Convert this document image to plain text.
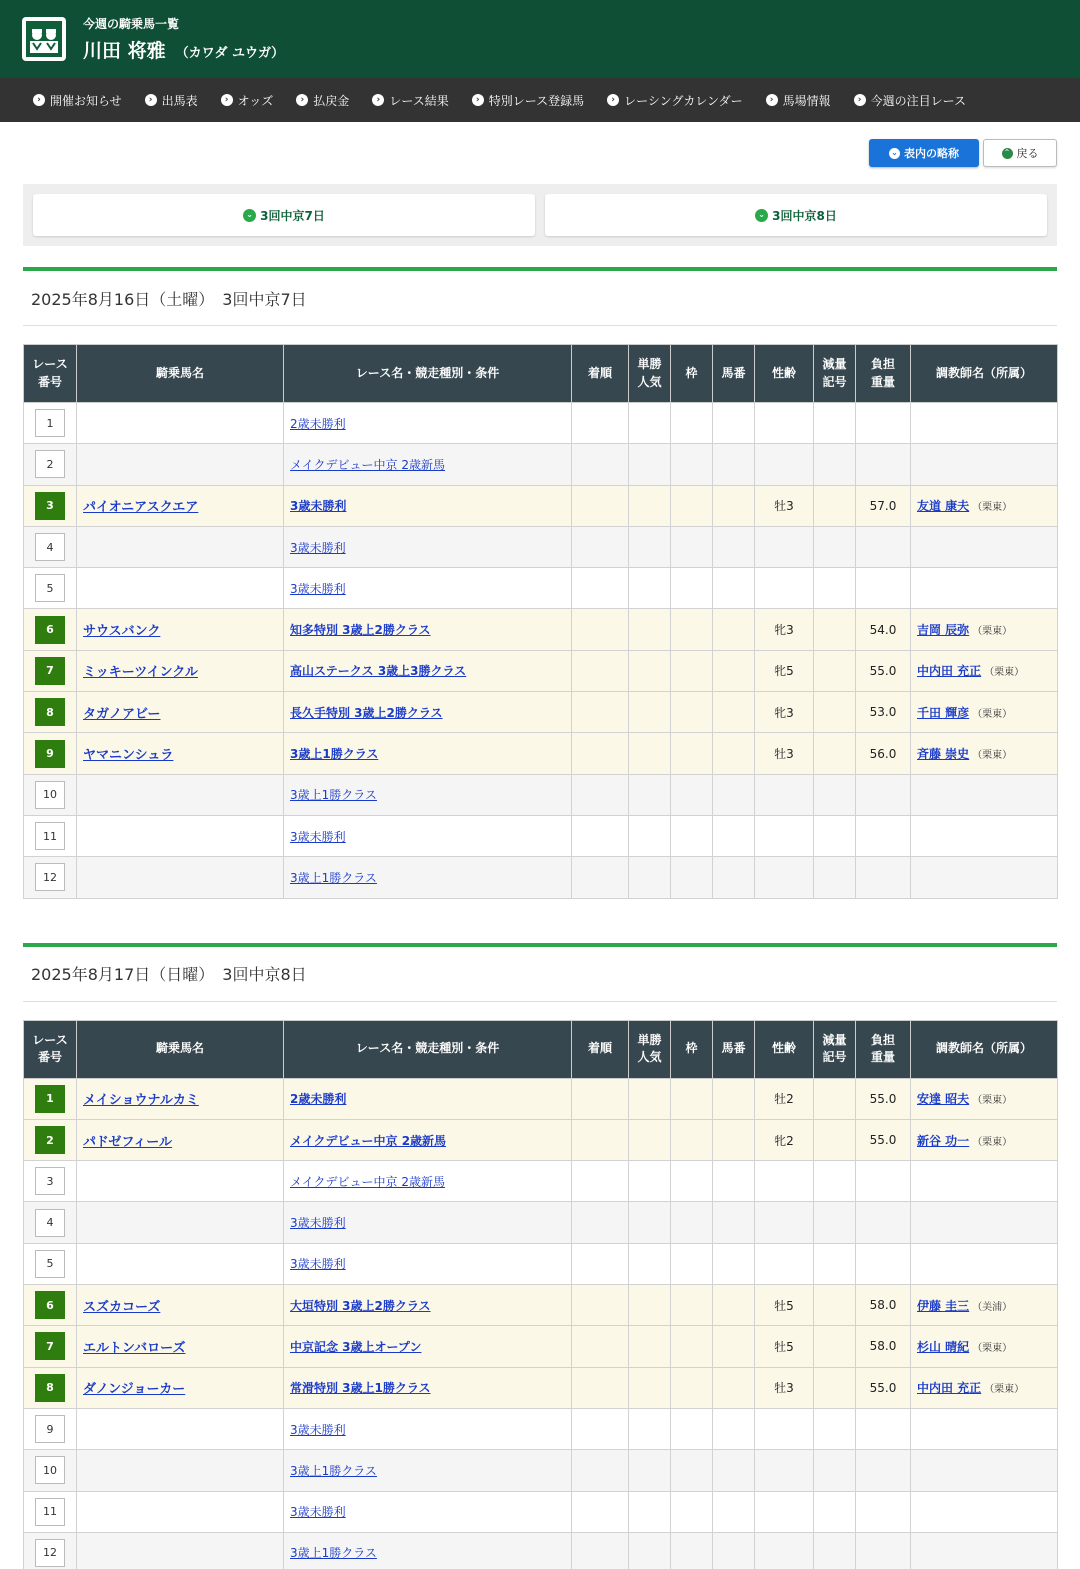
今週の騎乗馬一覧
川田 将雅 （カワダ ユウガ）
› 開催お知らせ	› 出馬表	› オッズ	› 払戻金	› レース結果	› 特別レース登録馬	› レーシングカレンダー	› 馬場情報	› 今週の注目レース
⌄ 表内の略称	⌃ 戻る
⌄ 3回中京7日	⌄ 3回中京8日
2025年8月16日（土曜）　3回中京7日
レース
番号	騎乗馬名	レース名・競走種別・条件	着順	単勝
人気	枠	馬番	性齢	減量
記号	負担
重量	調教師名（所属）
1		2歳未勝利								
2		メイクデビュー中京 2歳新馬								
3	パイオニアスクエア	3歳未勝利					牡3		57.0	友道 康夫 （栗東）
4		3歳未勝利								
5		3歳未勝利								
6	サウスバンク	知多特別 3歳上2勝クラス					牝3		54.0	吉岡 辰弥 （栗東）
7	ミッキーツインクル	高山ステークス 3歳上3勝クラス					牝5		55.0	中内田 充正 （栗東）
8	タガノアビー	長久手特別 3歳上2勝クラス					牝3		53.0	千田 輝彦 （栗東）
9	ヤマニンシュラ	3歳上1勝クラス					牡3		56.0	斉藤 崇史 （栗東）
10		3歳上1勝クラス								
11		3歳未勝利								
12		3歳上1勝クラス								
2025年8月17日（日曜）　3回中京8日
レース
番号	騎乗馬名	レース名・競走種別・条件	着順	単勝
人気	枠	馬番	性齢	減量
記号	負担
重量	調教師名（所属）
1	メイショウナルカミ	2歳未勝利					牡2		55.0	安達 昭夫 （栗東）
2	パドゼフィール	メイクデビュー中京 2歳新馬					牝2		55.0	新谷 功一 （栗東）
3		メイクデビュー中京 2歳新馬								
4		3歳未勝利								
5		3歳未勝利								
6	スズカコーズ	大垣特別 3歳上2勝クラス					牡5		58.0	伊藤 圭三 （美浦）
7	エルトンバローズ	中京記念 3歳上オープン					牡5		58.0	杉山 晴紀 （栗東）
8	ダノンジョーカー	常滑特別 3歳上1勝クラス					牡3		55.0	中内田 充正 （栗東）
9		3歳未勝利								
10		3歳上1勝クラス								
11		3歳未勝利								
12		3歳上1勝クラス								
